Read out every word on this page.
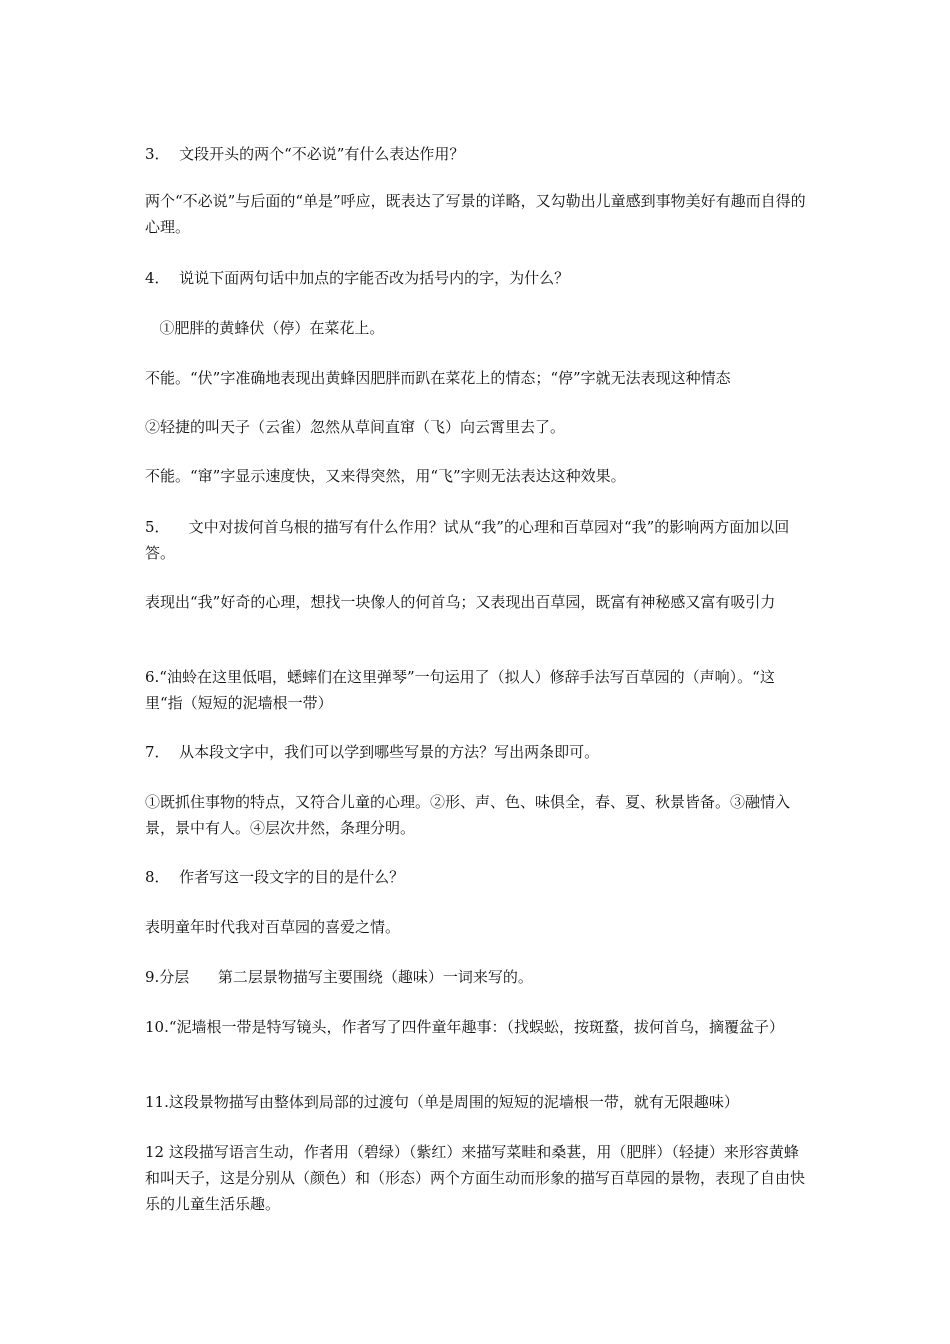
3．  文段开头的两个“不必说”有什么表达作用？

两个“不必说”与后面的“单是”呼应，既表达了写景的详略，又勾勒出儿童感到事物美好有趣而自得的心理。

4．  说说下面两句话中加点的字能否改为括号内的字，为什么？

①肥胖的黄蜂伏（停）在菜花上。

不能。“伏”字准确地表现出黄蜂因肥胖而趴在菜花上的情态；“停”字就无法表现这种情态

②轻捷的叫天子（云雀）忽然从草间直窜（飞）向云霄里去了。

不能。“窜”字显示速度快，又来得突然，用“飞”字则无法表达这种效果。

5．    文中对拔何首乌根的描写有什么作用？试从“我”的心理和百草园对“我”的影响两方面加以回答。

表现出“我”好奇的心理，想找一块像人的何首乌；又表现出百草园，既富有神秘感又富有吸引力

6.“油蛉在这里低唱，蟋蟀们在这里弹琴”一句运用了（拟人）修辞手法写百草园的（声响）。“这里“指（短短的泥墙根一带）

7．  从本段文字中，我们可以学到哪些写景的方法？写出两条即可。

①既抓住事物的特点，又符合儿童的心理。②形、声、色、味俱全，春、夏、秋景皆备。③融情入景，景中有人。④层次井然，条理分明。

8．  作者写这一段文字的目的是什么？

表明童年时代我对百草园的喜爱之情。

9.分层      第二层景物描写主要围绕（趣味）一词来写的。

10.“泥墙根一带是特写镜头，作者写了四件童年趣事：（找蜈蚣，按斑蝥，拔何首乌，摘覆盆子）

11.这段景物描写由整体到局部的过渡句（单是周围的短短的泥墙根一带，就有无限趣味）

12 这段描写语言生动，作者用（碧绿）（紫红）来描写菜畦和桑葚，用（肥胖）（轻捷）来形容黄蜂和叫天子，这是分别从（颜色）和（形态）两个方面生动而形象的描写百草园的景物，表现了自由快乐的儿童生活乐趣。
